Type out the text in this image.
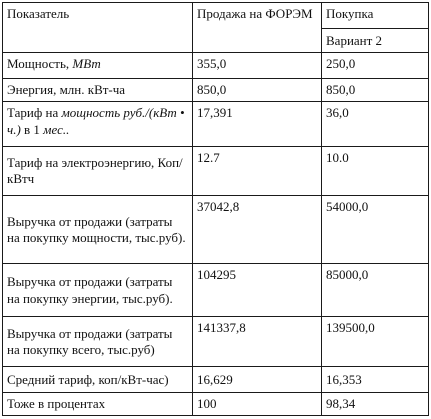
Показатель	Продажа на ФОРЭМ	Покупка
		Вариант 2
Мощность, МВт	355,0	250,0
Энергия, млн. кВт-ча	850,0	850,0
Тариф на мощность руб./(кВт • ч.) в 1 мес..	17,391	36,0
Тариф на электроэнергию, Коп/кВтч	12.7	10.0
Выручка от продажи (затраты на покупку мощности, тыс.руб).	37042,8	54000,0
Выручка от продажи (затраты на покупку энергии, тыс.руб).	104295	85000,0
Выручка от продажи (затраты на покупку всего, тыс.руб)	141337,8	139500,0
Средний тариф, коп/кВт-час)	16,629	16,353
Тоже в процентах	100	98,34
